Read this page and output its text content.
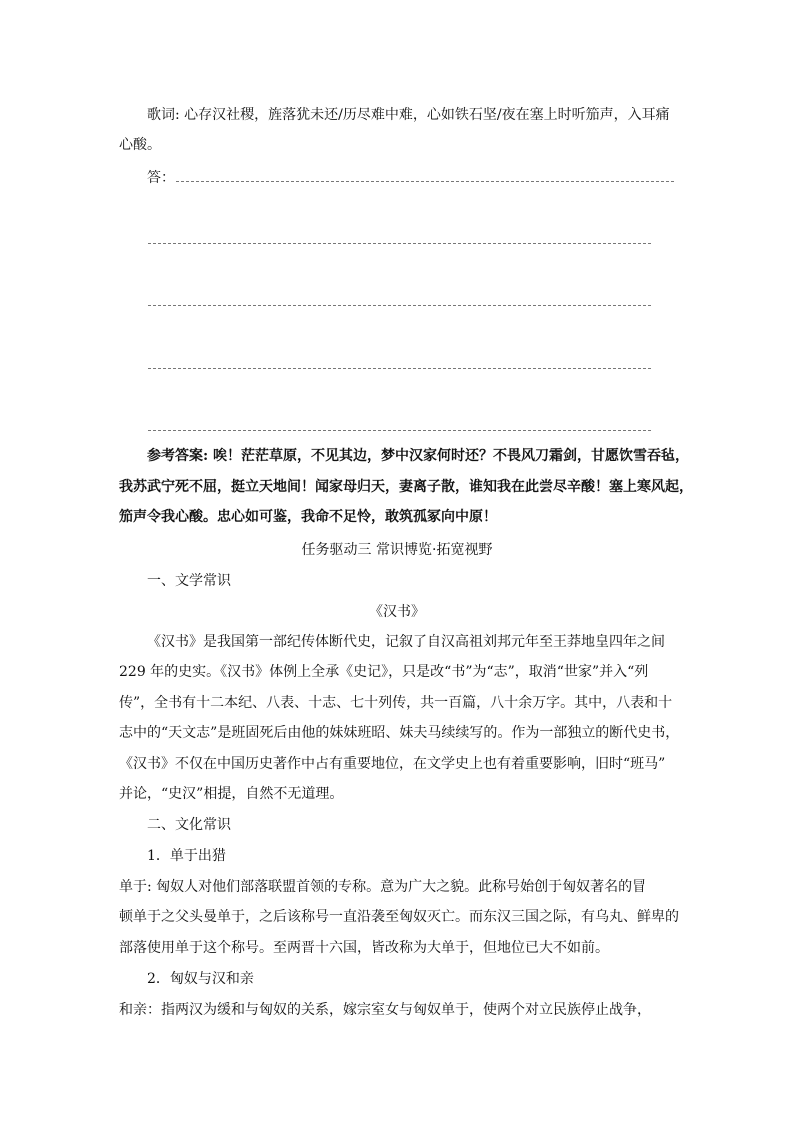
歌词: 心存汉社稷，旌落犹未还/历尽难中难，心如铁石坚/夜在塞上时听笳声，入耳痛
心酸。
答：
参考答案: 唉！茫茫草原，不见其边，梦中汉家何时还？不畏风刀霜剑，甘愿饮雪吞毡，
我苏武宁死不屈，挺立天地间！闻家母归天，妻离子散，谁知我在此尝尽辛酸！塞上寒风起，
笳声令我心酸。忠心如可鉴，我命不足怜，敢筑孤冢向中原！
任务驱动三 常识博览·拓宽视野
一、文学常识
《汉书》
《汉书》是我国第一部纪传体断代史，记叙了自汉高祖刘邦元年至王莽地皇四年之间
229 年的史实。《汉书》体例上全承《史记》，只是改“书”为“志”，取消“世家”并入“列
传”，全书有十二本纪、八表、十志、七十列传，共一百篇，八十余万字。其中，八表和十
志中的“天文志”是班固死后由他的妹妹班昭、妹夫马续续写的。作为一部独立的断代史书，
《汉书》不仅在中国历史著作中占有重要地位，在文学史上也有着重要影响，旧时“班马”
并论，“史汉”相提，自然不无道理。
二、文化常识
1．单于出猎
单于: 匈奴人对他们部落联盟首领的专称。意为广大之貌。此称号始创于匈奴著名的冒
顿单于之父头曼单于，之后该称号一直沿袭至匈奴灭亡。而东汉三国之际，有乌丸、鲜卑的
部落使用单于这个称号。至两晋十六国，皆改称为大单于，但地位已大不如前。
2．匈奴与汉和亲
和亲：指两汉为缓和与匈奴的关系，嫁宗室女与匈奴单于，使两个对立民族停止战争，
